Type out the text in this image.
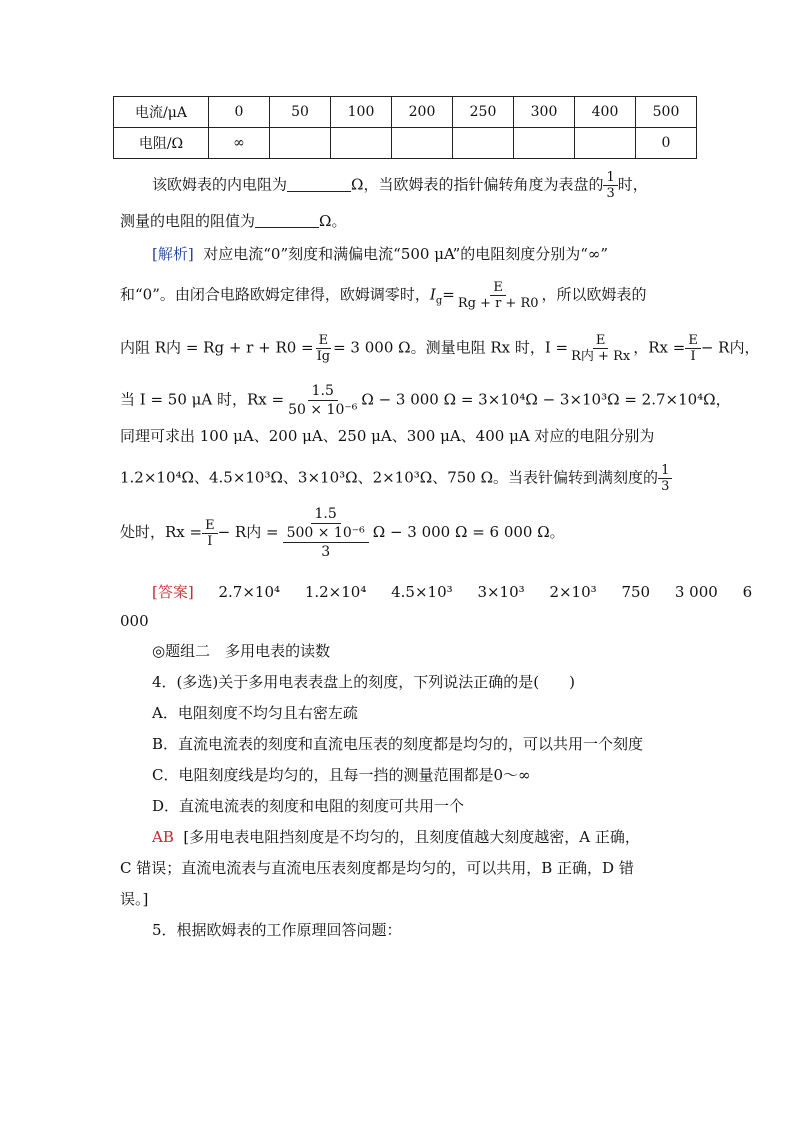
电流/μA	0	50	100	200	250	300	400	500
电阻/Ω	∞							0
该欧姆表的内电阻为	Ω，当欧姆表的指针偏转角度为表盘的 $\frac{1}{3}$ 时，
测量的电阻的阻值为	Ω。
[解析] 对应电流“0”刻度和满偏电流“500 μA”的电阻刻度分别为“∞”
和“0”。由闭合电路欧姆定律得，欧姆调零时，$I_g= \frac{E}{Rg + r + R0}$ ，所以欧姆表的
内阻 R内 = $Rg + r + R0 = \frac{E}{Ig} = 3$ 000 Ω。测量电阻 Rx 时，$I = \frac{E}{\text{R内 + Rx}}$ ，$Rx = \frac{E}{I} - R$内，
当 I = 50 μA 时，$Rx = \frac{1.5}{\text{50 × 10⁻⁶}}$ Ω − 3 000 Ω = 3×10⁴Ω − 3×10³Ω = 2.7×10⁴Ω，
同理可求出 100 μA、200 μA、250 μA、300 μA、400 μA 对应的电阻分别为
1.2×10⁴Ω、4.5×10³Ω、3×10³Ω、2×10³Ω、750 Ω。当表针偏转到满刻度的 $\frac{1}{3}$
处时，$Rx = \frac{E}{I} - R$内 = $\frac{1.5}{\frac{\text{500 × 10⁻⁶}}{3}}$ Ω − 3 000 Ω = 6 000 Ω。
[答案] 2.7×10⁴ 1.2×10⁴ 4.5×10³ 3×10³ 2×10³ 750 3 000 6
000
◎题组二　多用电表的读数
4．(多选)关于多用电表表盘上的刻度，下列说法正确的是(　　)
A．电阻刻度不均匀且右密左疏
B．直流电流表的刻度和直流电压表的刻度都是均匀的，可以共用一个刻度
C．电阻刻度线是均匀的，且每一挡的测量范围都是0～∞
D．直流电流表的刻度和电阻的刻度可共用一个
AB [多用电表电阻挡刻度是不均匀的，且刻度值越大刻度越密，A 正确，
C 错误；直流电流表与直流电压表刻度都是均匀的，可以共用，B 正确，D 错
误。]
5．根据欧姆表的工作原理回答问题：
